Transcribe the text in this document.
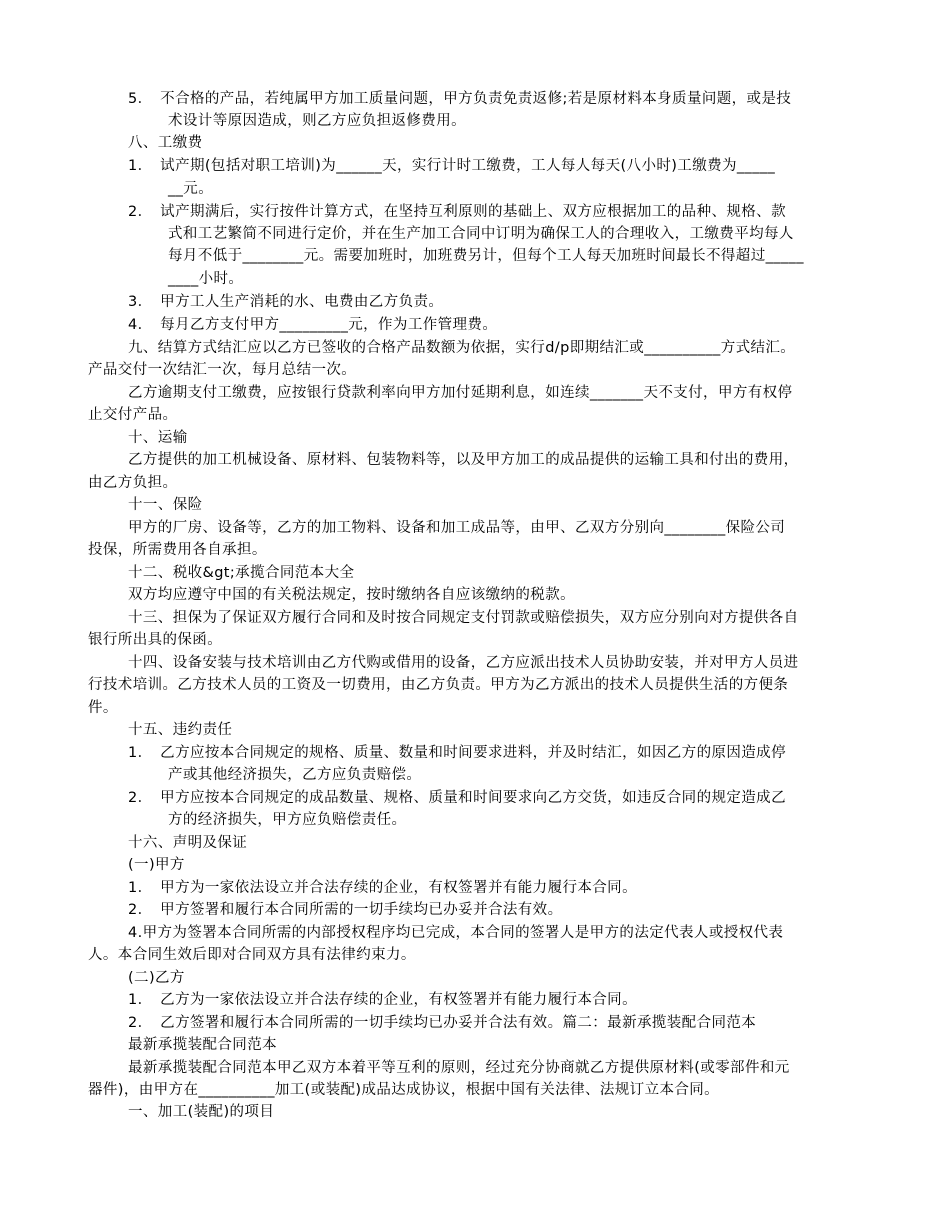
5．　不合格的产品，若纯属甲方加工质量问题，甲方负责免责返修;若是原材料本身质量问题，或是技
术设计等原因造成，则乙方应负担返修费用。
八、工缴费
1．　试产期(包括对职工培训)为______天，实行计时工缴费，工人每人每天(八小时)工缴费为_____
__元。
2．　试产期满后，实行按件计算方式，在坚持互利原则的基础上、双方应根据加工的品种、规格、款
式和工艺繁简不同进行定价，并在生产加工合同中订明为确保工人的合理收入，工缴费平均每人
每月不低于________元。需要加班时，加班费另计，但每个工人每天加班时间最长不得超过_____
____小时。
3．　甲方工人生产消耗的水、电费由乙方负责。
4．　每月乙方支付甲方_________元，作为工作管理费。
九、结算方式结汇应以乙方已签收的合格产品数额为依据，实行d/p即期结汇或__________方式结汇。
产品交付一次结汇一次，每月总结一次。
乙方逾期支付工缴费，应按银行贷款利率向甲方加付延期利息，如连续_______天不支付，甲方有权停
止交付产品。
十、运输
乙方提供的加工机械设备、原材料、包装物料等，以及甲方加工的成品提供的运输工具和付出的费用，
由乙方负担。
十一、保险
甲方的厂房、设备等，乙方的加工物料、设备和加工成品等，由甲、乙双方分别向________保险公司
投保，所需费用各自承担。
十二、税收&gt;承揽合同范本大全
双方均应遵守中国的有关税法规定，按时缴纳各自应该缴纳的税款。
十三、担保为了保证双方履行合同和及时按合同规定支付罚款或赔偿损失，双方应分别向对方提供各自
银行所出具的保函。
十四、设备安装与技术培训由乙方代购或借用的设备，乙方应派出技术人员协助安装，并对甲方人员进
行技术培训。乙方技术人员的工资及一切费用，由乙方负责。甲方为乙方派出的技术人员提供生活的方便条
件。
十五、违约责任
1．　乙方应按本合同规定的规格、质量、数量和时间要求进料，并及时结汇，如因乙方的原因造成停
产或其他经济损失，乙方应负责赔偿。
2．　甲方应按本合同规定的成品数量、规格、质量和时间要求向乙方交货，如违反合同的规定造成乙
方的经济损失，甲方应负赔偿责任。
十六、声明及保证
(一)甲方
1．　甲方为一家依法设立并合法存续的企业，有权签署并有能力履行本合同。
2．　甲方签署和履行本合同所需的一切手续均已办妥并合法有效。
4.甲方为签署本合同所需的内部授权程序均已完成，本合同的签署人是甲方的法定代表人或授权代表
人。本合同生效后即对合同双方具有法律约束力。
(二)乙方
1．　乙方为一家依法设立并合法存续的企业，有权签署并有能力履行本合同。
2．　乙方签署和履行本合同所需的一切手续均已办妥并合法有效。篇二：最新承揽装配合同范本
最新承揽装配合同范本
最新承揽装配合同范本甲乙双方本着平等互利的原则，经过充分协商就乙方提供原材料(或零部件和元
器件)，由甲方在__________加工(或装配)成品达成协议，根据中国有关法律、法规订立本合同。
一、加工(装配)的项目
